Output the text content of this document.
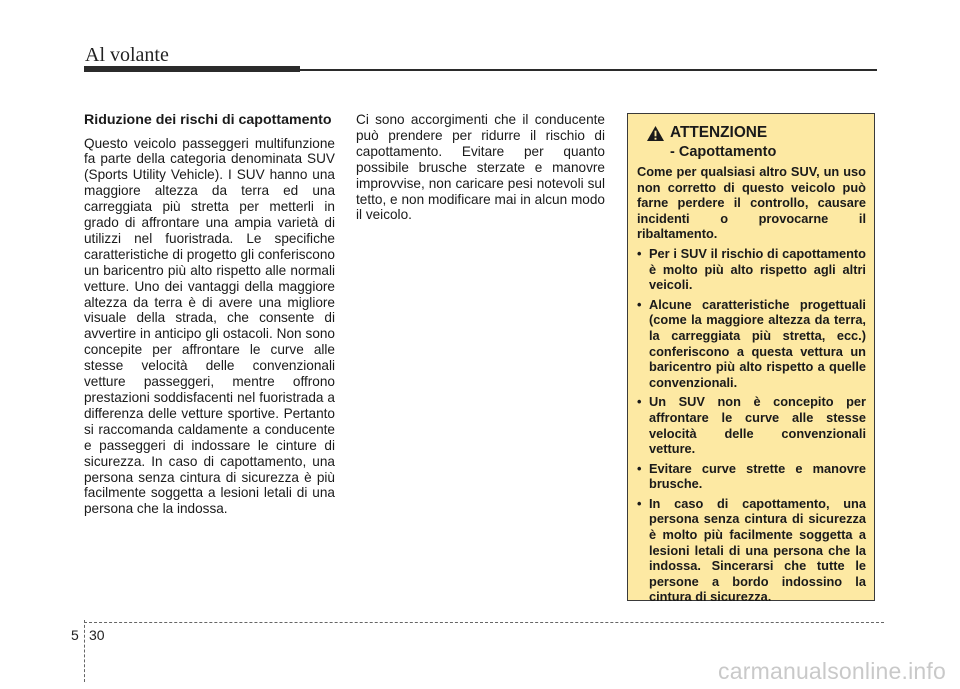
Al volante
Riduzione dei rischi di capottamento

Questo veicolo passeggeri multifunzione fa parte della categoria denominata SUV (Sports Utility Vehicle). I SUV hanno una maggiore altezza da terra ed una carreggiata più stretta per metterli in grado di affrontare una ampia varietà di utilizzi nel fuoristrada. Le specifiche caratteristiche di progetto gli conferiscono un baricentro più alto rispetto alle normali vetture. Uno dei vantaggi della maggiore altezza da terra è di avere una migliore visuale della strada, che consente di avvertire in anticipo gli ostacoli. Non sono concepite per affrontare le curve alle stesse velocità delle convenzionali vetture passeggeri, mentre offrono prestazioni soddisfacenti nel fuoristrada a differenza delle vetture sportive. Pertanto si raccomanda caldamente a conducente e passeggeri di indossare le cinture di sicurezza. In caso di capottamento, una persona senza cintura di sicurezza è più facilmente soggetta a lesioni letali di una persona che la indossa.

Ci sono accorgimenti che il conducente può prendere per ridurre il rischio di capottamento. Evitare per quanto possibile brusche sterzate e manovre improvvise, non caricare pesi notevoli sul tetto, e non modificare mai in alcun modo il veicolo.

ATTENZIONE
- Capottamento

Come per qualsiasi altro SUV, un uso non corretto di questo veicolo può farne perdere il controllo, causare incidenti o provocarne il ribaltamento.

• Per i SUV il rischio di capottamento è molto più alto rispetto agli altri veicoli.
• Alcune caratteristiche progettuali (come la maggiore altezza da terra, la carreggiata più stretta, ecc.) conferiscono a questa vettura un baricentro più alto rispetto a quelle convenzionali.
• Un SUV non è concepito per affrontare le curve alle stesse velocità delle convenzionali vetture.
• Evitare curve strette e manovre brusche.
• In caso di capottamento, una persona senza cintura di sicurezza è molto più facilmente soggetta a lesioni letali di una persona che la indossa. Sincerarsi che tutte le persone a bordo indossino la cintura di sicurezza.
5 30
carmanualsonline.info
